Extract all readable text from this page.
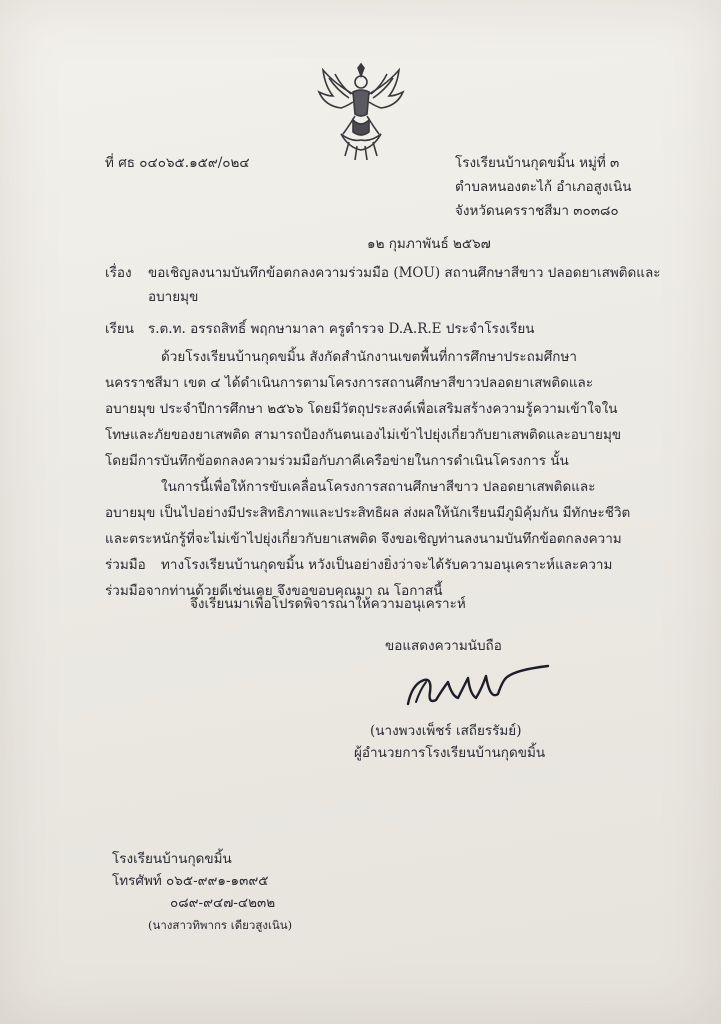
ที่ ศธ ๐๔๐๖๕.๑๕๙/๐๒๔	โรงเรียนบ้านกุดขมิ้น หมู่ที่ ๓
ตำบลหนองตะไก้ อำเภอสูงเนิน
จังหวัดนครราชสีมา ๓๐๓๘๐
๑๒ กุมภาพันธ์ ๒๕๖๗
เรื่อง ขอเชิญลงนามบันทึกข้อตกลงความร่วมมือ (MOU) สถานศึกษาสีขาว ปลอดยาเสพติดและ
อบายมุข
เรียน ร.ต.ท. อรรถสิทธิ์ พฤกษามาลา ครูตำรวจ D.A.R.E ประจำโรงเรียน
ด้วยโรงเรียนบ้านกุดขมิ้น สังกัดสำนักงานเขตพื้นที่การศึกษาประถมศึกษานครราชสีมา เขต ๔ ได้ดำเนินการตามโครงการสถานศึกษาสีขาวปลอดยาเสพติดและอบายมุข ประจำปีการศึกษา ๒๕๖๖ โดยมีวัตถุประสงค์เพื่อเสริมสร้างความรู้ความเข้าใจในโทษและภัยของยาเสพติด สามารถป้องกันตนเองไม่เข้าไปยุ่งเกี่ยวกับยาเสพติดและอบายมุข โดยมีการบันทึกข้อตกลงความร่วมมือกับภาคีเครือข่ายในการดำเนินโครงการ นั้น
ในการนี้เพื่อให้การขับเคลื่อนโครงการสถานศึกษาสีขาว ปลอดยาเสพติดและอบายมุข เป็นไปอย่างมีประสิทธิภาพและประสิทธิผล ส่งผลให้นักเรียนมีภูมิคุ้มกัน มีทักษะชีวิตและตระหนักรู้ที่จะไม่เข้าไปยุ่งเกี่ยวกับยาเสพติด จึงขอเชิญท่านลงนามบันทึกข้อตกลงความร่วมมือ	ทางโรงเรียนบ้านกุดขมิ้น หวังเป็นอย่างยิ่งว่าจะได้รับความอนุเคราะห์และความร่วมมือจากท่านด้วยดีเช่นเคย จึงขอขอบคุณมา ณ โอกาสนี้
จึงเรียนมาเพื่อโปรดพิจารณาให้ความอนุเคราะห์
ขอแสดงความนับถือ
(นางพวงเพ็ชร์ เสถียรรัมย์)
ผู้อำนวยการโรงเรียนบ้านกุดขมิ้น
โรงเรียนบ้านกุดขมิ้น
โทรศัพท์ ๐๖๕-๙๙๑-๑๓๙๕
๐๘๙-๙๔๗-๔๒๓๒
(นางสาวทิพากร เดียวสูงเนิน)
